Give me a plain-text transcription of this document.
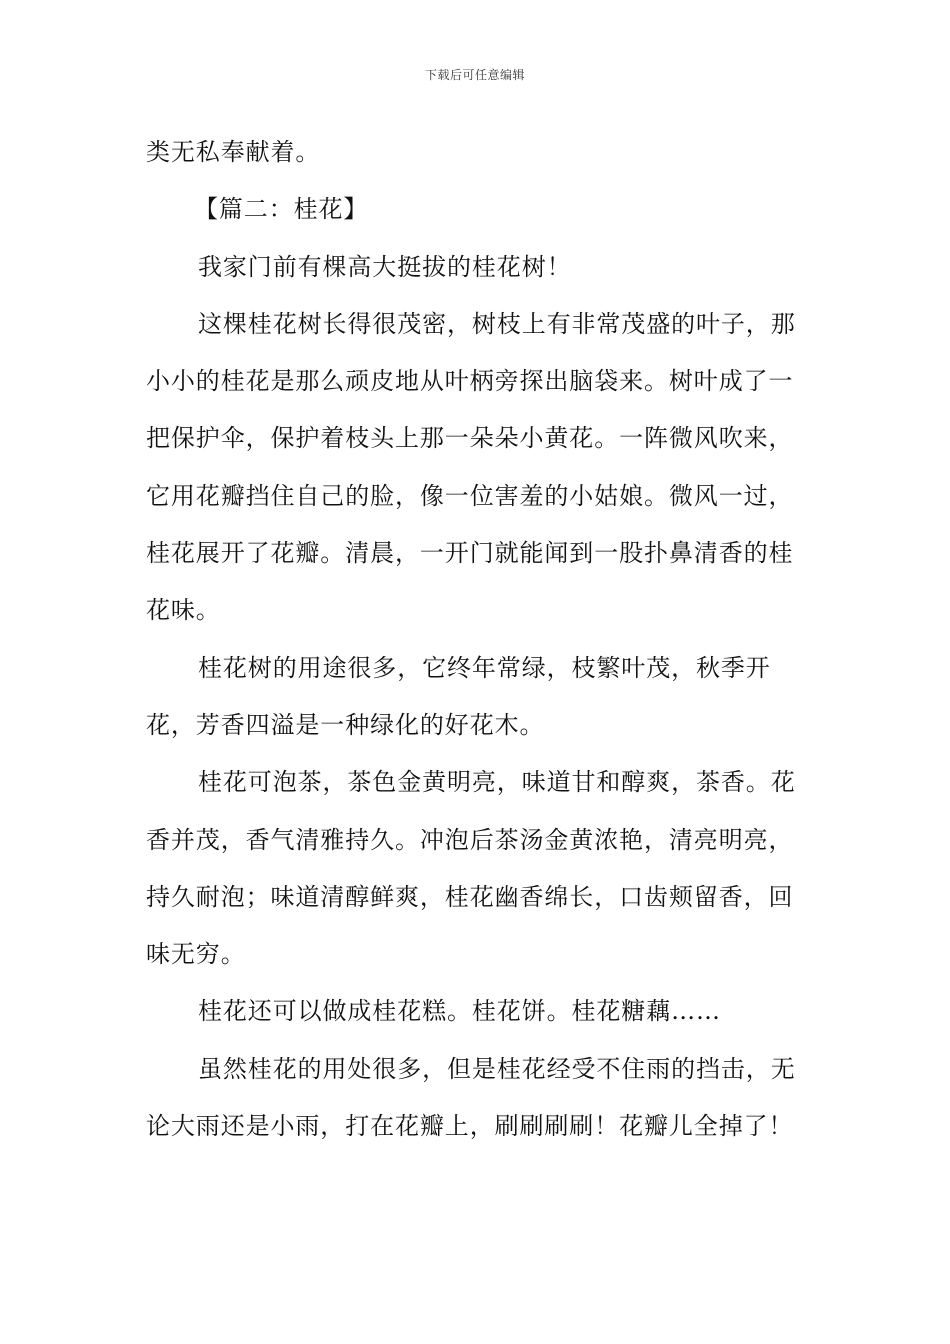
下载后可任意编辑

类无私奉献着。

【篇二：桂花】

我家门前有棵高大挺拔的桂花树！

这棵桂花树长得很茂密，树枝上有非常茂盛的叶子，那小小的桂花是那么顽皮地从叶柄旁探出脑袋来。树叶成了一把保护伞，保护着枝头上那一朵朵小黄花。一阵微风吹来，它用花瓣挡住自己的脸，像一位害羞的小姑娘。微风一过，桂花展开了花瓣。清晨，一开门就能闻到一股扑鼻清香的桂花味。

桂花树的用途很多，它终年常绿，枝繁叶茂，秋季开花，芳香四溢是一种绿化的好花木。

桂花可泡茶，茶色金黄明亮，味道甘和醇爽，茶香。花香并茂，香气清雅持久。冲泡后茶汤金黄浓艳，清亮明亮，持久耐泡；味道清醇鲜爽，桂花幽香绵长，口齿颊留香，回味无穷。

桂花还可以做成桂花糕。桂花饼。桂花糖藕……

虽然桂花的用处很多，但是桂花经受不住雨的挡击，无论大雨还是小雨，打在花瓣上，刷刷刷刷！花瓣儿全掉了！
